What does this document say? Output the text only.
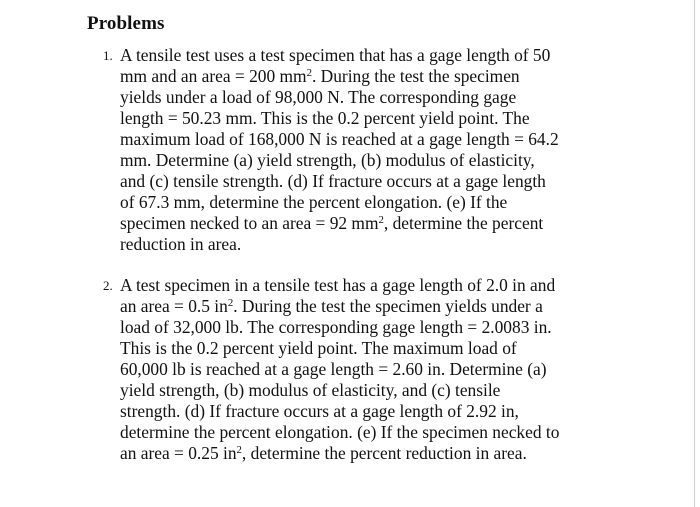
Problems
1. A tensile test uses a test specimen that has a gage length of 50
mm and an area = 200 $mm^2$. During the test the specimen
yields under a load of 98,000 N. The corresponding gage
length = 50.23 mm. This is the 0.2 percent yield point. The
maximum load of 168,000 N is reached at a gage length = 64.2
mm. Determine (a) yield strength, (b) modulus of elasticity,
and (c) tensile strength. (d) If fracture occurs at a gage length
of 67.3 mm, determine the percent elongation. (e) If the
specimen necked to an area = 92 $mm^2$, determine the percent
reduction in area.
2. A test specimen in a tensile test has a gage length of 2.0 in and
an area = 0.5 $in^2$. During the test the specimen yields under a
load of 32,000 lb. The corresponding gage length = 2.0083 in.
This is the 0.2 percent yield point. The maximum load of
60,000 lb is reached at a gage length = 2.60 in. Determine (a)
yield strength, (b) modulus of elasticity, and (c) tensile
strength. (d) If fracture occurs at a gage length of 2.92 in,
determine the percent elongation. (e) If the specimen necked to
an area = 0.25 $in^2$, determine the percent reduction in area.
